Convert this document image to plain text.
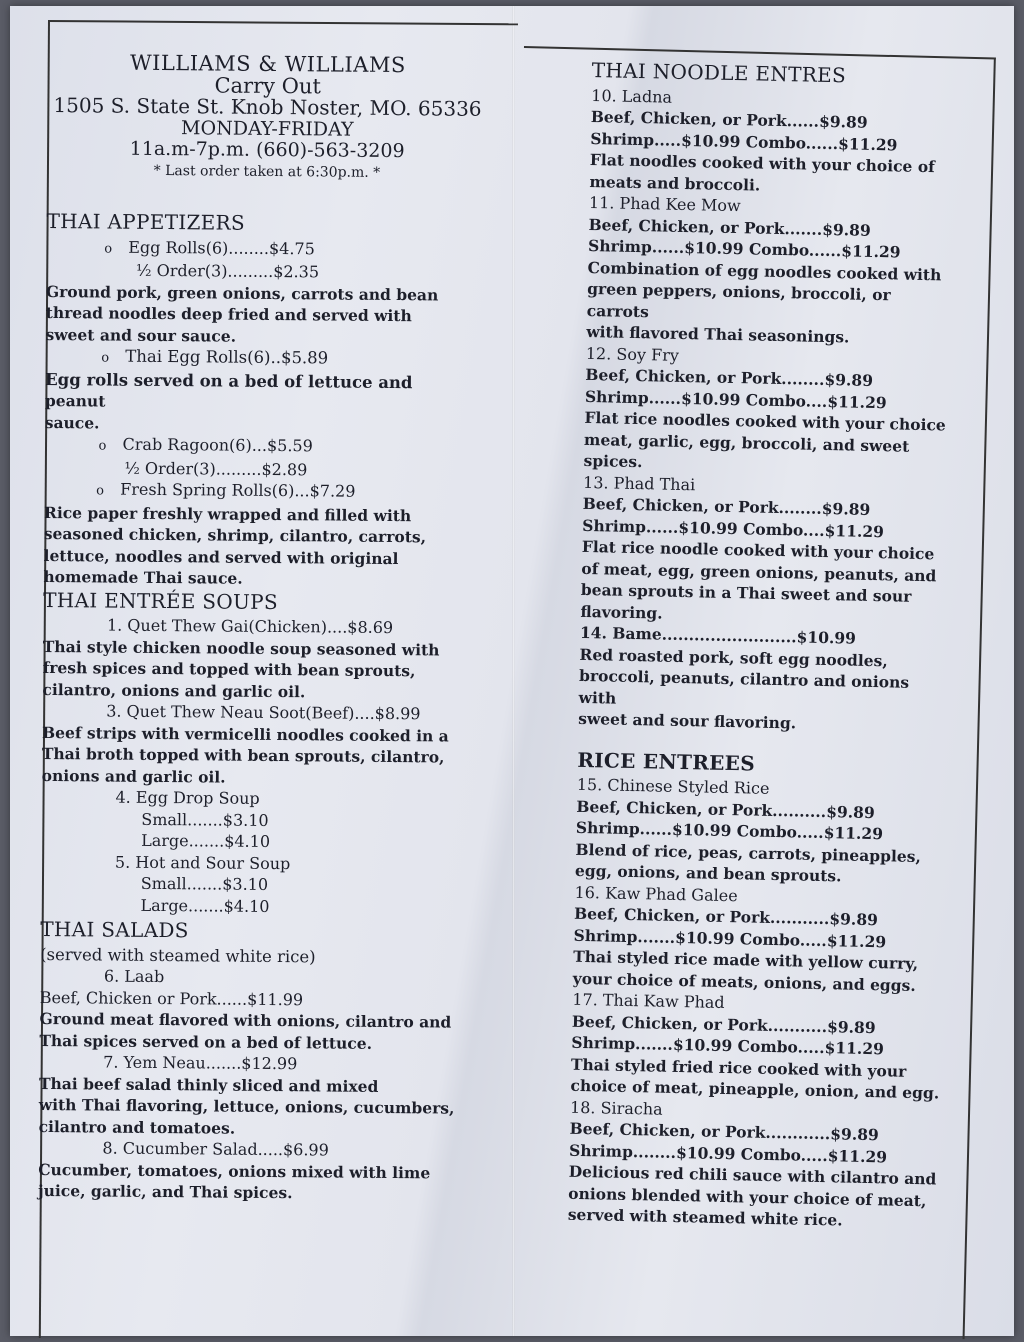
WILLIAMS & WILLIAMS

Carry Out

1505 S. State St. Knob Noster, MO. 65336

MONDAY-FRIDAY

11a.m-7p.m. (660)-563-3209

* Last order taken at 6:30p.m. *

THAI APPETIZERS

o Egg Rolls(6)........$4.75

½ Order(3).........$2.35

Ground pork, green onions, carrots and bean

thread noodles deep fried and served with

sweet and sour sauce.

o Thai Egg Rolls(6)..$5.89

Egg rolls served on a bed of lettuce and

peanut

sauce.

o Crab Ragoon(6)...$5.59

½ Order(3).........$2.89

o Fresh Spring Rolls(6)...$7.29

Rice paper freshly wrapped and filled with

seasoned chicken, shrimp, cilantro, carrots,

lettuce, noodles and served with original

homemade Thai sauce.

THAI ENTRÉE SOUPS

1. Quet Thew Gai(Chicken)....$8.69

Thai style chicken noodle soup seasoned with

fresh spices and topped with bean sprouts,

cilantro, onions and garlic oil.

3. Quet Thew Neau Soot(Beef)....$8.99

Beef strips with vermicelli noodles cooked in a

Thai broth topped with bean sprouts, cilantro,

onions and garlic oil.

4. Egg Drop Soup

Small.......$3.10

Large.......$4.10

5. Hot and Sour Soup

Small.......$3.10

Large.......$4.10

THAI SALADS

(served with steamed white rice)

6. Laab

Beef, Chicken or Pork......$11.99

Ground meat flavored with onions, cilantro and

Thai spices served on a bed of lettuce.

7. Yem Neau.......$12.99

Thai beef salad thinly sliced and mixed

with Thai flavoring, lettuce, onions, cucumbers,

cilantro and tomatoes.

8. Cucumber Salad.....$6.99

Cucumber, tomatoes, onions mixed with lime

juice, garlic, and Thai spices.

THAI NOODLE ENTRES

10. Ladna

Beef, Chicken, or Pork......$9.89

Shrimp.....$10.99 Combo......$11.29

Flat noodles cooked with your choice of

meats and broccoli.

11. Phad Kee Mow

Beef, Chicken, or Pork.......$9.89

Shrimp......$10.99 Combo......$11.29

Combination of egg noodles cooked with

green peppers, onions, broccoli, or carrots

with flavored Thai seasonings.

12. Soy Fry

Beef, Chicken, or Pork........$9.89

Shrimp......$10.99 Combo....$11.29

Flat rice noodles cooked with your choice

meat, garlic, egg, broccoli, and sweet

spices.

13. Phad Thai

Beef, Chicken, or Pork........$9.89

Shrimp......$10.99 Combo....$11.29

Flat rice noodle cooked with your choice

of meat, egg, green onions, peanuts, and

bean sprouts in a Thai sweet and sour

flavoring.

14. Bame.........................$10.99

Red roasted pork, soft egg noodles,

broccoli, peanuts, cilantro and onions with

sweet and sour flavoring.

RICE ENTREES

15. Chinese Styled Rice

Beef, Chicken, or Pork..........$9.89

Shrimp......$10.99 Combo.....$11.29

Blend of rice, peas, carrots, pineapples,

egg, onions, and bean sprouts.

16. Kaw Phad Galee

Beef, Chicken, or Pork...........$9.89

Shrimp.......$10.99 Combo.....$11.29

Thai styled rice made with yellow curry,

your choice of meats, onions, and eggs.

17. Thai Kaw Phad

Beef, Chicken, or Pork...........$9.89

Shrimp.......$10.99 Combo.....$11.29

Thai styled fried rice cooked with your

choice of meat, pineapple, onion, and egg.

18. Siracha

Beef, Chicken, or Pork............$9.89

Shrimp........$10.99 Combo.....$11.29

Delicious red chili sauce with cilantro and

onions blended with your choice of meat,

served with steamed white rice.
